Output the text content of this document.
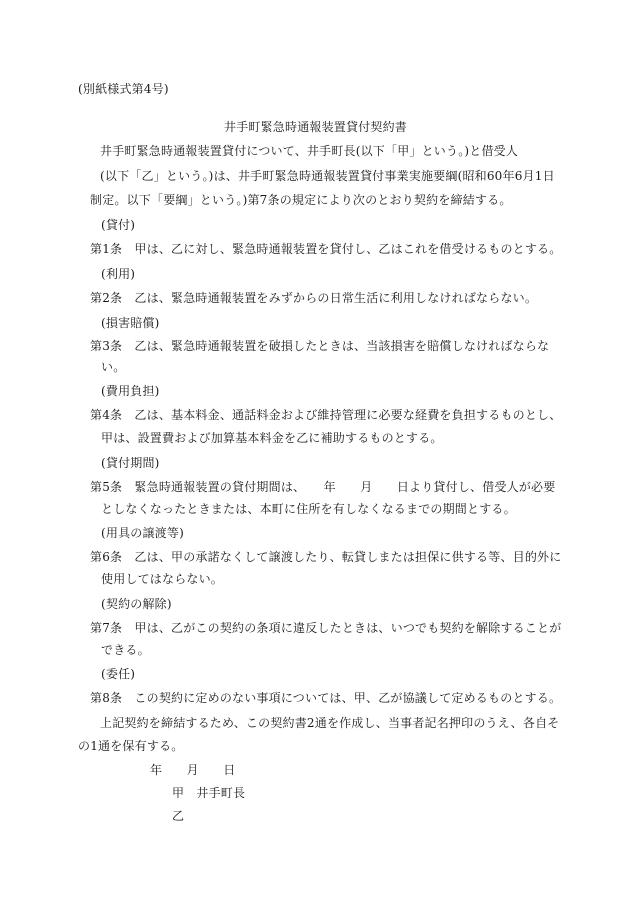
(別紙様式第4号)
井手町緊急時通報装置貸付契約書
井手町緊急時通報装置貸付について、井手町長(以下「甲」という。)と借受人
(以下「乙」という。)は、井手町緊急時通報装置貸付事業実施要綱(昭和60年6月1日
制定。以下「要綱」という。)第7条の規定により次のとおり契約を締結する。
(貸付)
第1条　甲は、乙に対し、緊急時通報装置を貸付し、乙はこれを借受けるものとする。
(利用)
第2条　乙は、緊急時通報装置をみずからの日常生活に利用しなければならない。
(損害賠償)
第3条　乙は、緊急時通報装置を破損したときは、当該損害を賠償しなければならな
い。
(費用負担)
第4条　乙は、基本料金、通話料金および維持管理に必要な経費を負担するものとし、
甲は、設置費および加算基本料金を乙に補助するものとする。
(貸付期間)
第5条　緊急時通報装置の貸付期間は、　　年　　月　　日より貸付し、借受人が必要
としなくなったときまたは、本町に住所を有しなくなるまでの期間とする。
(用具の譲渡等)
第6条　乙は、甲の承諾なくして譲渡したり、転貸しまたは担保に供する等、目的外に
使用してはならない。
(契約の解除)
第7条　甲は、乙がこの契約の条項に違反したときは、いつでも契約を解除することが
できる。
(委任)
第8条　この契約に定めのない事項については、甲、乙が協議して定めるものとする。
上記契約を締結するため、この契約書2通を作成し、当事者記名押印のうえ、各自そ
の1通を保有する。
年　　月　　日
甲　井手町長
乙
